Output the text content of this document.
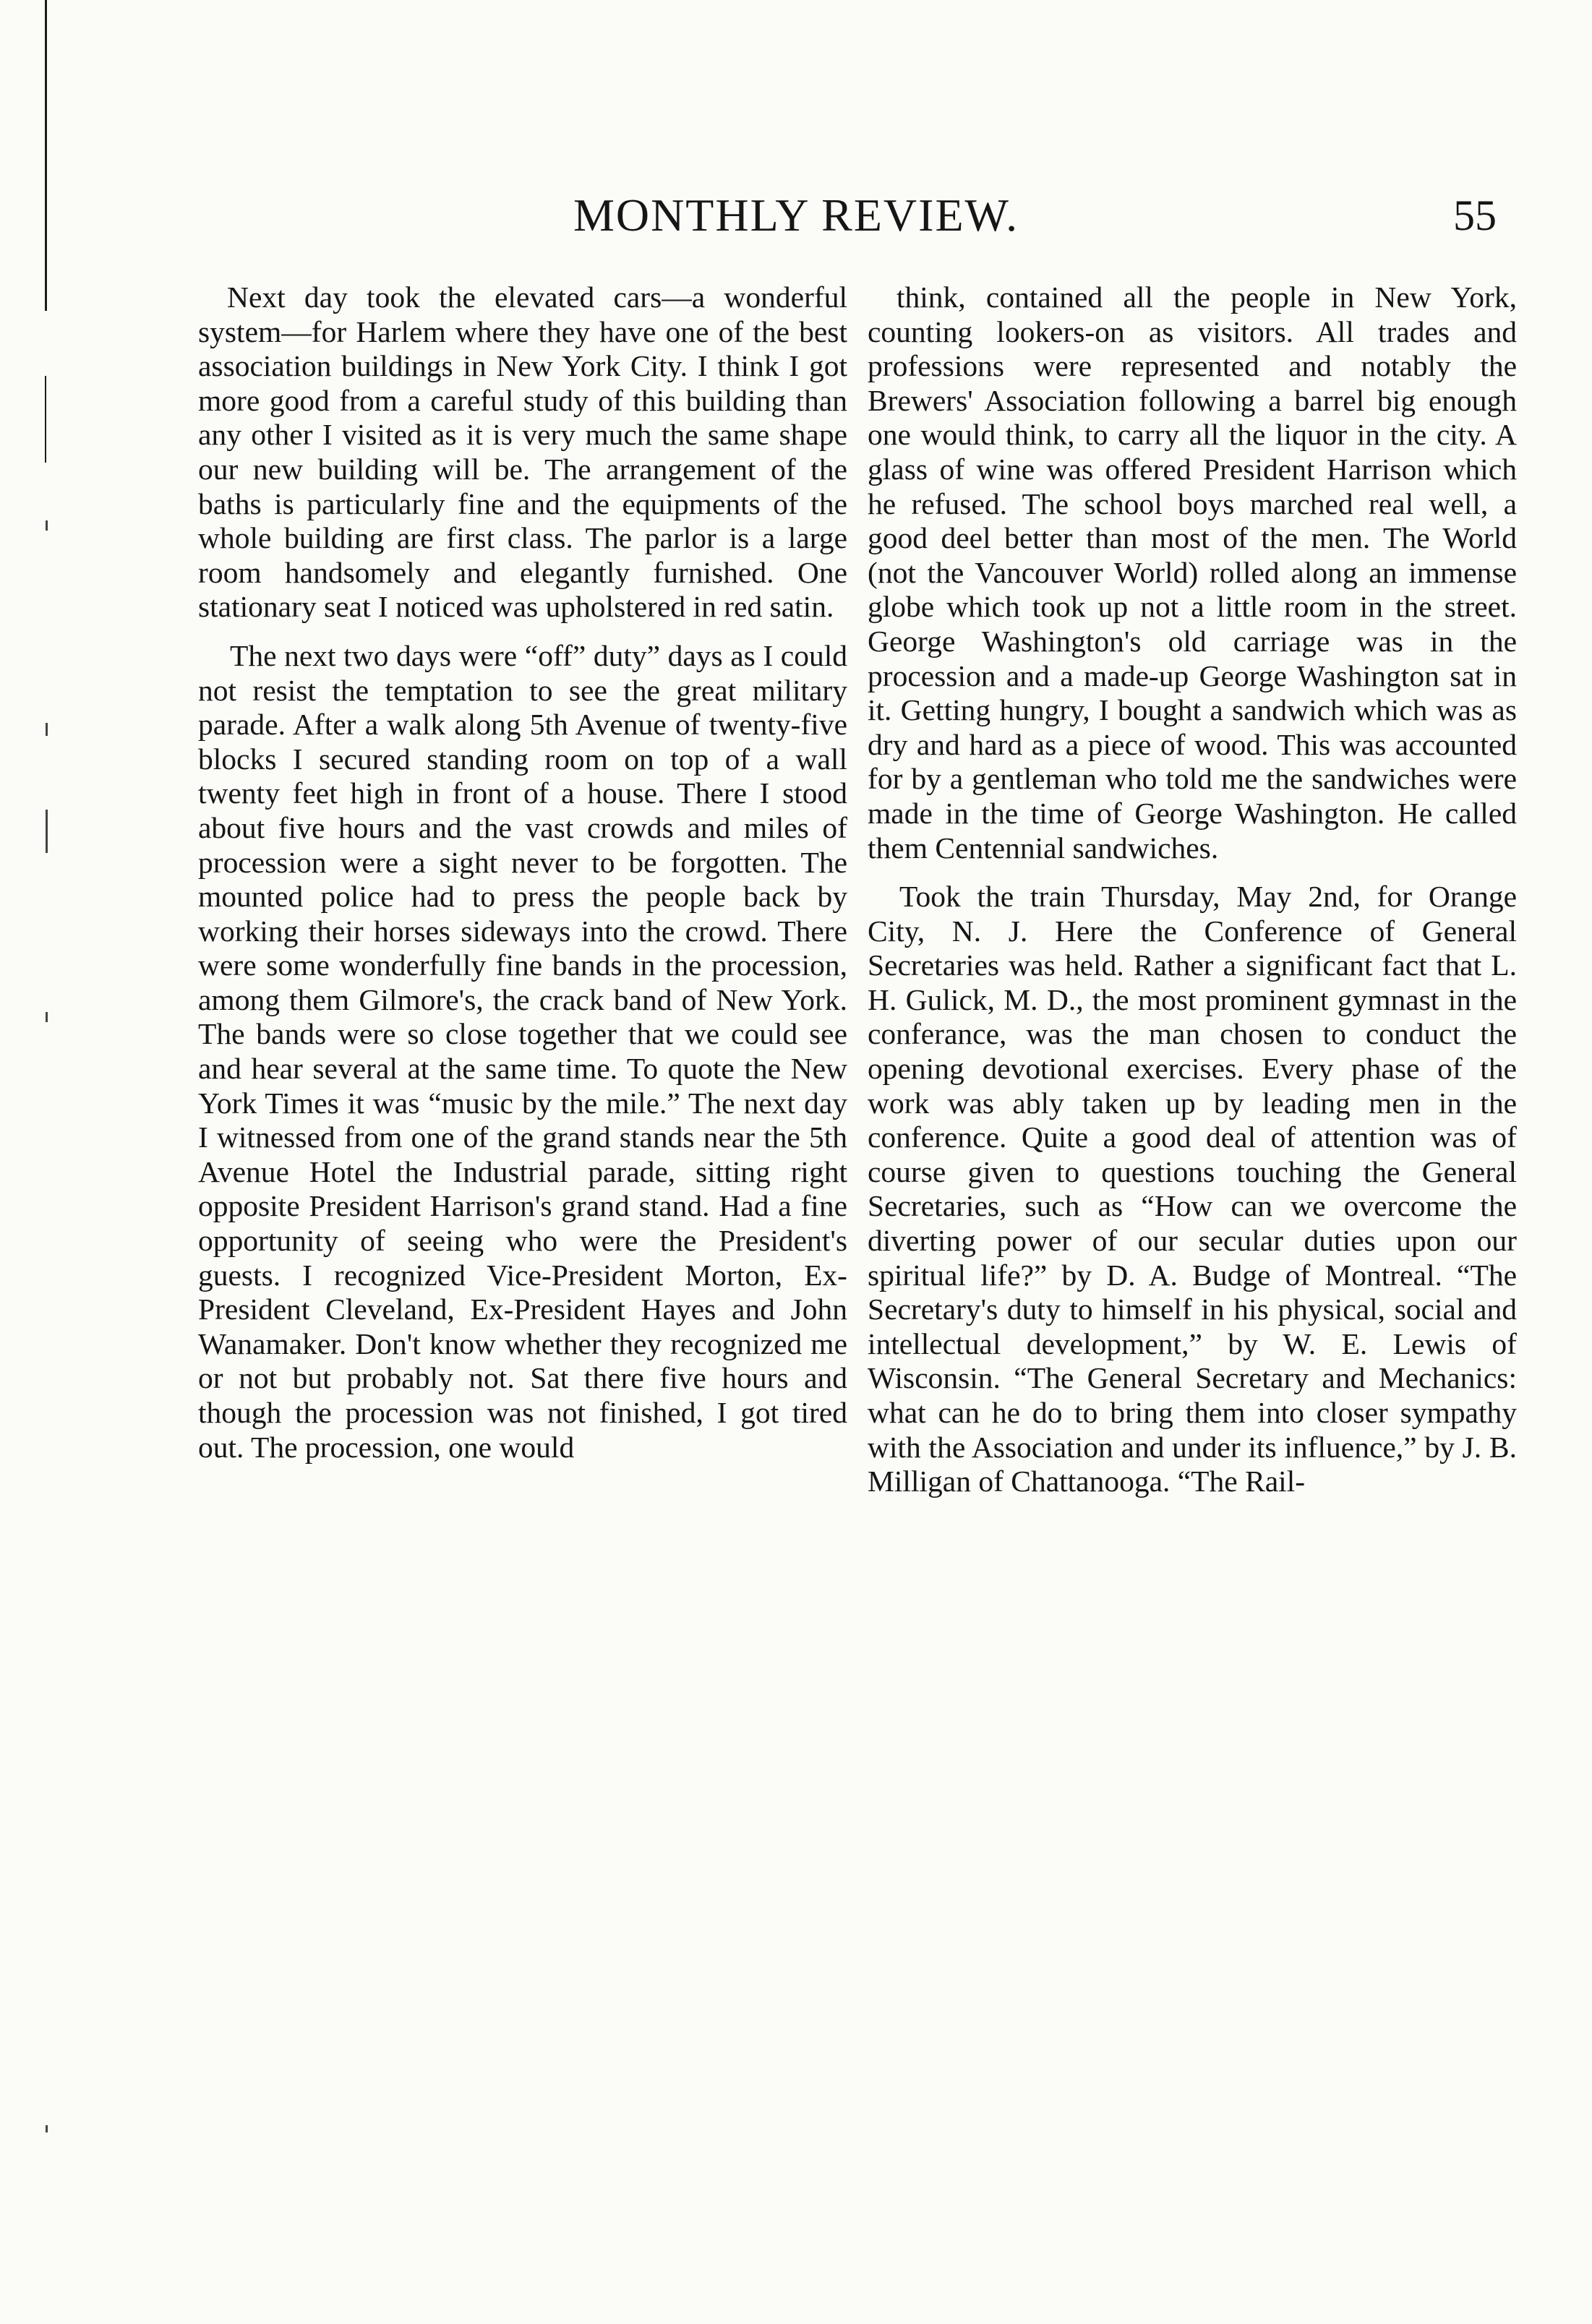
MONTHLY REVIEW.	55

Next day took the elevated cars—a wonderful system—for Harlem where they have one of the best association buildings in New York City. I think I got more good from a careful study of this building than any other I visited as it is very much the same shape our new building will be. The arrangement of the baths is particularly fine and the equipments of the whole building are first class. The parlor is a large room handsomely and elegantly furnished. One stationary seat I noticed was upholstered in red satin.

The next two days were “off” duty” days as I could not resist the temptation to see the great military parade. After a walk along 5th Avenue of twenty-five blocks I secured standing room on top of a wall twenty feet high in front of a house. There I stood about five hours and the vast crowds and miles of procession were a sight never to be forgotten. The mounted police had to press the people back by working their horses sideways into the crowd. There were some wonderfully fine bands in the procession, among them Gilmore's, the crack band of New York. The bands were so close together that we could see and hear several at the same time. To quote the New York Times it was “music by the mile.” The next day I witnessed from one of the grand stands near the 5th Avenue Hotel the Industrial parade, sitting right opposite President Harrison's grand stand. Had a fine opportunity of seeing who were the President's guests. I recognized Vice-President Morton, Ex-President Cleveland, Ex-President Hayes and John Wanamaker. Don't know whether they recognized me or not but probably not. Sat there five hours and though the procession was not finished, I got tired out. The procession, one would

think, contained all the people in New York, counting lookers-on as visitors. All trades and professions were represented and notably the Brewers' Association following a barrel big enough one would think, to carry all the liquor in the city. A glass of wine was offered President Harrison which he refused. The school boys marched real well, a good deel better than most of the men. The World (not the Vancouver World) rolled along an immense globe which took up not a little room in the street. George Washington's old carriage was in the procession and a made-up George Washington sat in it. Getting hungry, I bought a sandwich which was as dry and hard as a piece of wood. This was accounted for by a gentleman who told me the sandwiches were made in the time of George Washington. He called them Centennial sandwiches.

Took the train Thursday, May 2nd, for Orange City, N. J. Here the Conference of General Secretaries was held. Rather a significant fact that L. H. Gulick, M. D., the most prominent gymnast in the conferance, was the man chosen to conduct the opening devotional exercises. Every phase of the work was ably taken up by leading men in the conference. Quite a good deal of attention was of course given to questions touching the General Secretaries, such as “How can we overcome the diverting power of our secular duties upon our spiritual life?” by D. A. Budge of Montreal. “The Secretary's duty to himself in his physical, social and intellectual development,” by W. E. Lewis of Wisconsin. “The General Secretary and Mechanics: what can he do to bring them into closer sympathy with the Association and under its influence,” by J. B. Milligan of Chattanooga. “The Rail-
